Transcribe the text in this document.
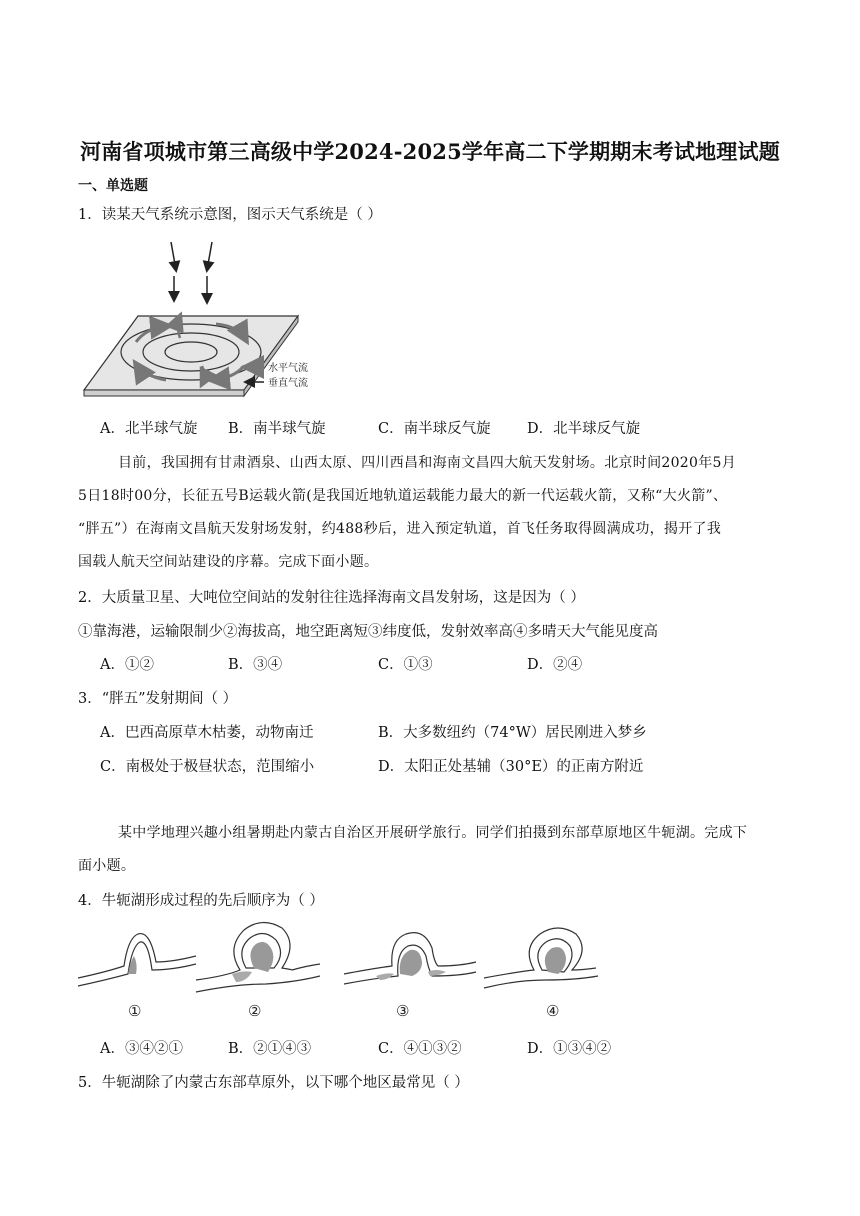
河南省项城市第三高级中学2024-2025学年高二下学期期末考试地理试题
一、单选题
1．读某天气系统示意图，图示天气系统是（ ）
水平气流
垂直气流
A．北半球气旋 B．南半球气旋	C．南半球反气旋	D．北半球反气旋
目前，我国拥有甘肃酒泉、山西太原、四川西昌和海南文昌四大航天发射场。北京时间2020年5月
5日18时00分，长征五号B运载火箭(是我国近地轨道运载能力最大的新一代运载火箭，又称“大火箭”、
“胖五”）在海南文昌航天发射场发射，约488秒后，进入预定轨道，首飞任务取得圆满成功，揭开了我
国载人航天空间站建设的序幕。完成下面小题。
2．大质量卫星、大吨位空间站的发射往往选择海南文昌发射场，这是因为（ ）
①靠海港，运输限制少②海拔高，地空距离短③纬度低，发射效率高④多晴天大气能见度高
A．①②	B．③④	C．①③	D．②④
3．“胖五”发射期间（ ）
A．巴西高原草木枯萎，动物南迁	B．大多数纽约（74°W）居民刚进入梦乡
C．南极处于极昼状态，范围缩小	D．太阳正处基辅（30°E）的正南方附近
某中学地理兴趣小组暑期赴内蒙古自治区开展研学旅行。同学们拍摄到东部草原地区牛轭湖。完成下
面小题。
4．牛轭湖形成过程的先后顺序为（ ）
①	②	③	④
A．③④②①	B．②①④③	C．④①③②	D．①③④②
5．牛轭湖除了内蒙古东部草原外，以下哪个地区最常见（ ）
